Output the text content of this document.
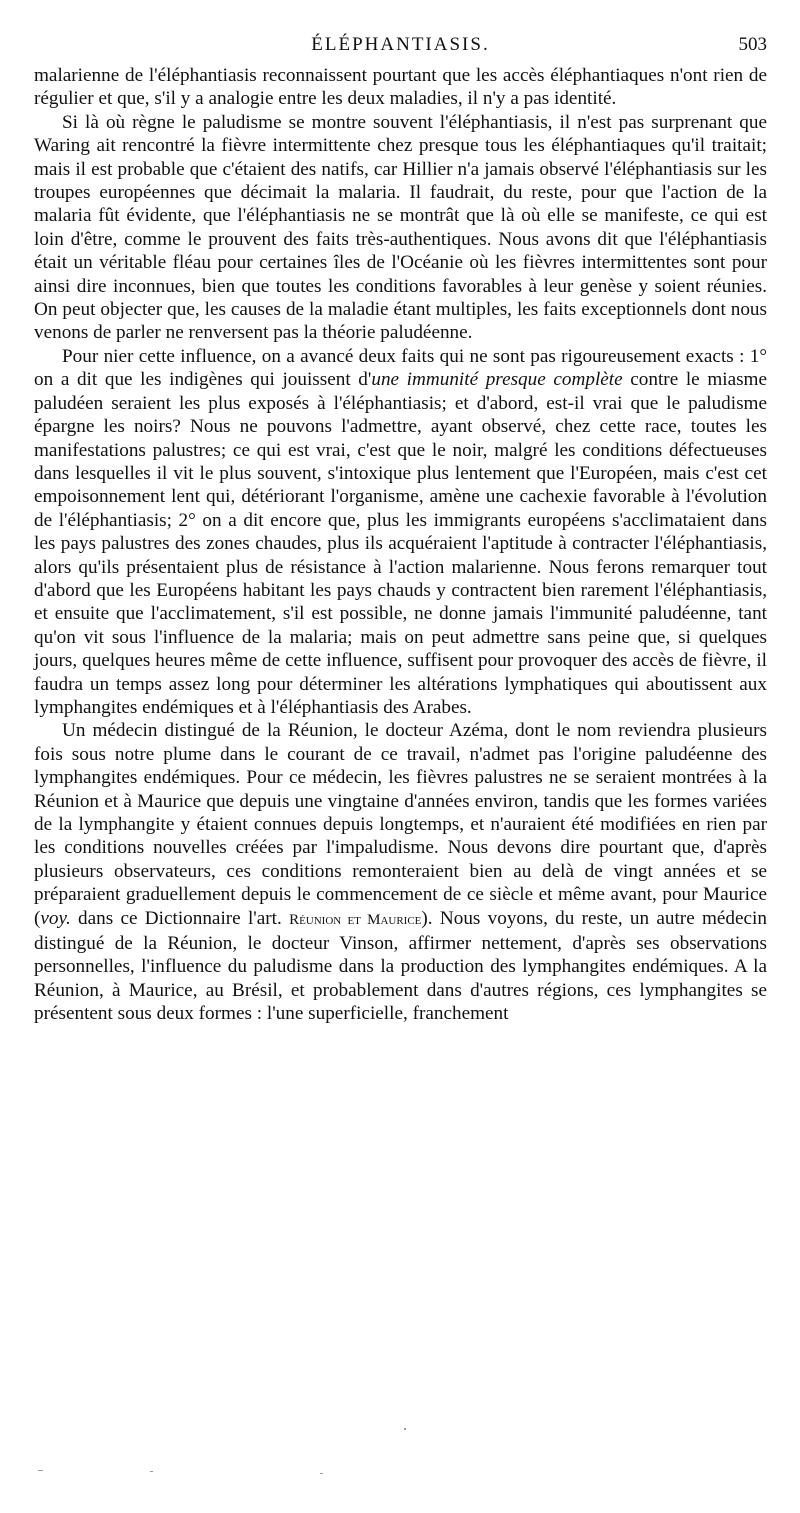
ÉLÉPHANTIASIS.	503

malarienne de l'éléphantiasis reconnaissent pourtant que les accès éléphantiaques n'ont rien de régulier et que, s'il y a analogie entre les deux maladies, il n'y a pas identité.

Si là où règne le paludisme se montre souvent l'éléphantiasis, il n'est pas surprenant que Waring ait rencontré la fièvre intermittente chez presque tous les éléphantiaques qu'il traitait; mais il est probable que c'étaient des natifs, car Hillier n'a jamais observé l'éléphantiasis sur les troupes européennes que décimait la malaria. Il faudrait, du reste, pour que l'action de la malaria fût évidente, que l'éléphantiasis ne se montrât que là où elle se manifeste, ce qui est loin d'être, comme le prouvent des faits très-authentiques. Nous avons dit que l'éléphantiasis était un véritable fléau pour certaines îles de l'Océanie où les fièvres intermittentes sont pour ainsi dire inconnues, bien que toutes les conditions favorables à leur genèse y soient réunies. On peut objecter que, les causes de la maladie étant multiples, les faits exceptionnels dont nous venons de parler ne renversent pas la théorie paludéenne.

Pour nier cette influence, on a avancé deux faits qui ne sont pas rigoureusement exacts : 1° on a dit que les indigènes qui jouissent d'une immunité presque complète contre le miasme paludéen seraient les plus exposés à l'éléphantiasis; et d'abord, est-il vrai que le paludisme épargne les noirs? Nous ne pouvons l'admettre, ayant observé, chez cette race, toutes les manifestations palustres; ce qui est vrai, c'est que le noir, malgré les conditions défectueuses dans lesquelles il vit le plus souvent, s'intoxique plus lentement que l'Européen, mais c'est cet empoisonnement lent qui, détériorant l'organisme, amène une cachexie favorable à l'évolution de l'éléphantiasis; 2° on a dit encore que, plus les immigrants européens s'acclimataient dans les pays palustres des zones chaudes, plus ils acquéraient l'aptitude à contracter l'éléphantiasis, alors qu'ils présentaient plus de résistance à l'action malarienne. Nous ferons remarquer tout d'abord que les Européens habitant les pays chauds y contractent bien rarement l'éléphantiasis, et ensuite que l'acclimatement, s'il est possible, ne donne jamais l'immunité paludéenne, tant qu'on vit sous l'influence de la malaria; mais on peut admettre sans peine que, si quelques jours, quelques heures même de cette influence, suffisent pour provoquer des accès de fièvre, il faudra un temps assez long pour déterminer les altérations lymphatiques qui aboutissent aux lymphangites endémiques et à l'éléphantiasis des Arabes.

Un médecin distingué de la Réunion, le docteur Azéma, dont le nom reviendra plusieurs fois sous notre plume dans le courant de ce travail, n'admet pas l'origine paludéenne des lymphangites endémiques. Pour ce médecin, les fièvres palustres ne se seraient montrées à la Réunion et à Maurice que depuis une vingtaine d'années environ, tandis que les formes variées de la lymphangite y étaient connues depuis longtemps, et n'auraient été modifiées en rien par les conditions nouvelles créées par l'impaludisme. Nous devons dire pourtant que, d'après plusieurs observateurs, ces conditions remonteraient bien au delà de vingt années et se préparaient graduellement depuis le commencement de ce siècle et même avant, pour Maurice (voy. dans ce Dictionnaire l'art. Réunion et Maurice). Nous voyons, du reste, un autre médecin distingué de la Réunion, le docteur Vinson, affirmer nettement, d'après ses observations personnelles, l'influence du paludisme dans la production des lymphangites endémiques. A la Réunion, à Maurice, au Brésil, et probablement dans d'autres régions, ces lymphangites se présentent sous deux formes : l'une superficielle, franchement
